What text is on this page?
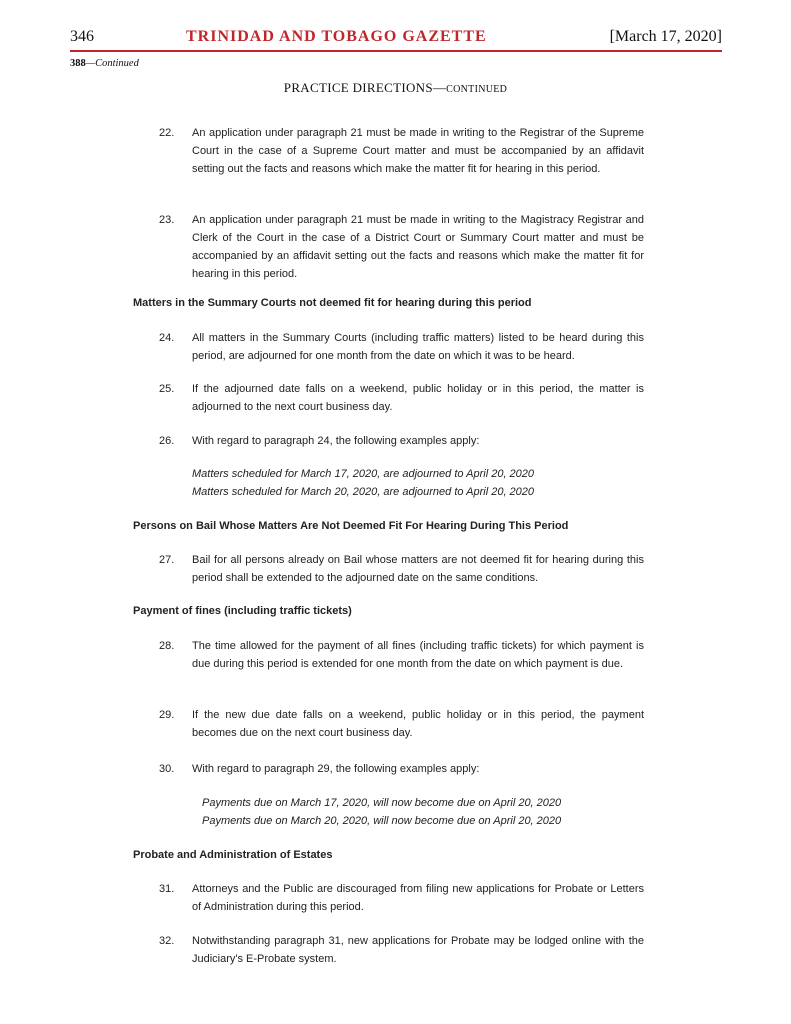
346	TRINIDAD AND TOBAGO GAZETTE	[March 17, 2020]
388—Continued
PRACTICE DIRECTIONS—CONTINUED
22.	An application under paragraph 21 must be made in writing to the Registrar of the Supreme Court in the case of a Supreme Court matter and must be accompanied by an affidavit setting out the facts and reasons which make the matter fit for hearing in this period.
23.	An application under paragraph 21 must be made in writing to the Magistracy Registrar and Clerk of the Court in the case of a District Court or Summary Court matter and must be accompanied by an affidavit setting out the facts and reasons which make the matter fit for hearing in this period.
Matters in the Summary Courts not deemed fit for hearing during this period
24.	All matters in the Summary Courts (including traffic matters) listed to be heard during this period, are adjourned for one month from the date on which it was to be heard.
25.	If the adjourned date falls on a weekend, public holiday or in this period, the matter is adjourned to the next court business day.
26.	With regard to paragraph 24, the following examples apply:
Matters scheduled for March 17, 2020, are adjourned to April 20, 2020
Matters scheduled for March 20, 2020, are adjourned to April 20, 2020
Persons on Bail Whose Matters Are Not Deemed Fit For Hearing During This Period
27.	Bail for all persons already on Bail whose matters are not deemed fit for hearing during this period shall be extended to the adjourned date on the same conditions.
Payment of fines (including traffic tickets)
28.	The time allowed for the payment of all fines (including traffic tickets) for which payment is due during this period is extended for one month from the date on which payment is due.
29.	If the new due date falls on a weekend, public holiday or in this period, the payment becomes due on the next court business day.
30.	With regard to paragraph 29, the following examples apply:
Payments due on March 17, 2020, will now become due on April 20, 2020
Payments due on March 20, 2020, will now become due on April 20, 2020
Probate and Administration of Estates
31.	Attorneys and the Public are discouraged from filing new applications for Probate or Letters of Administration during this period.
32.	Notwithstanding paragraph 31, new applications for Probate may be lodged online with the Judiciary's E-Probate system.
